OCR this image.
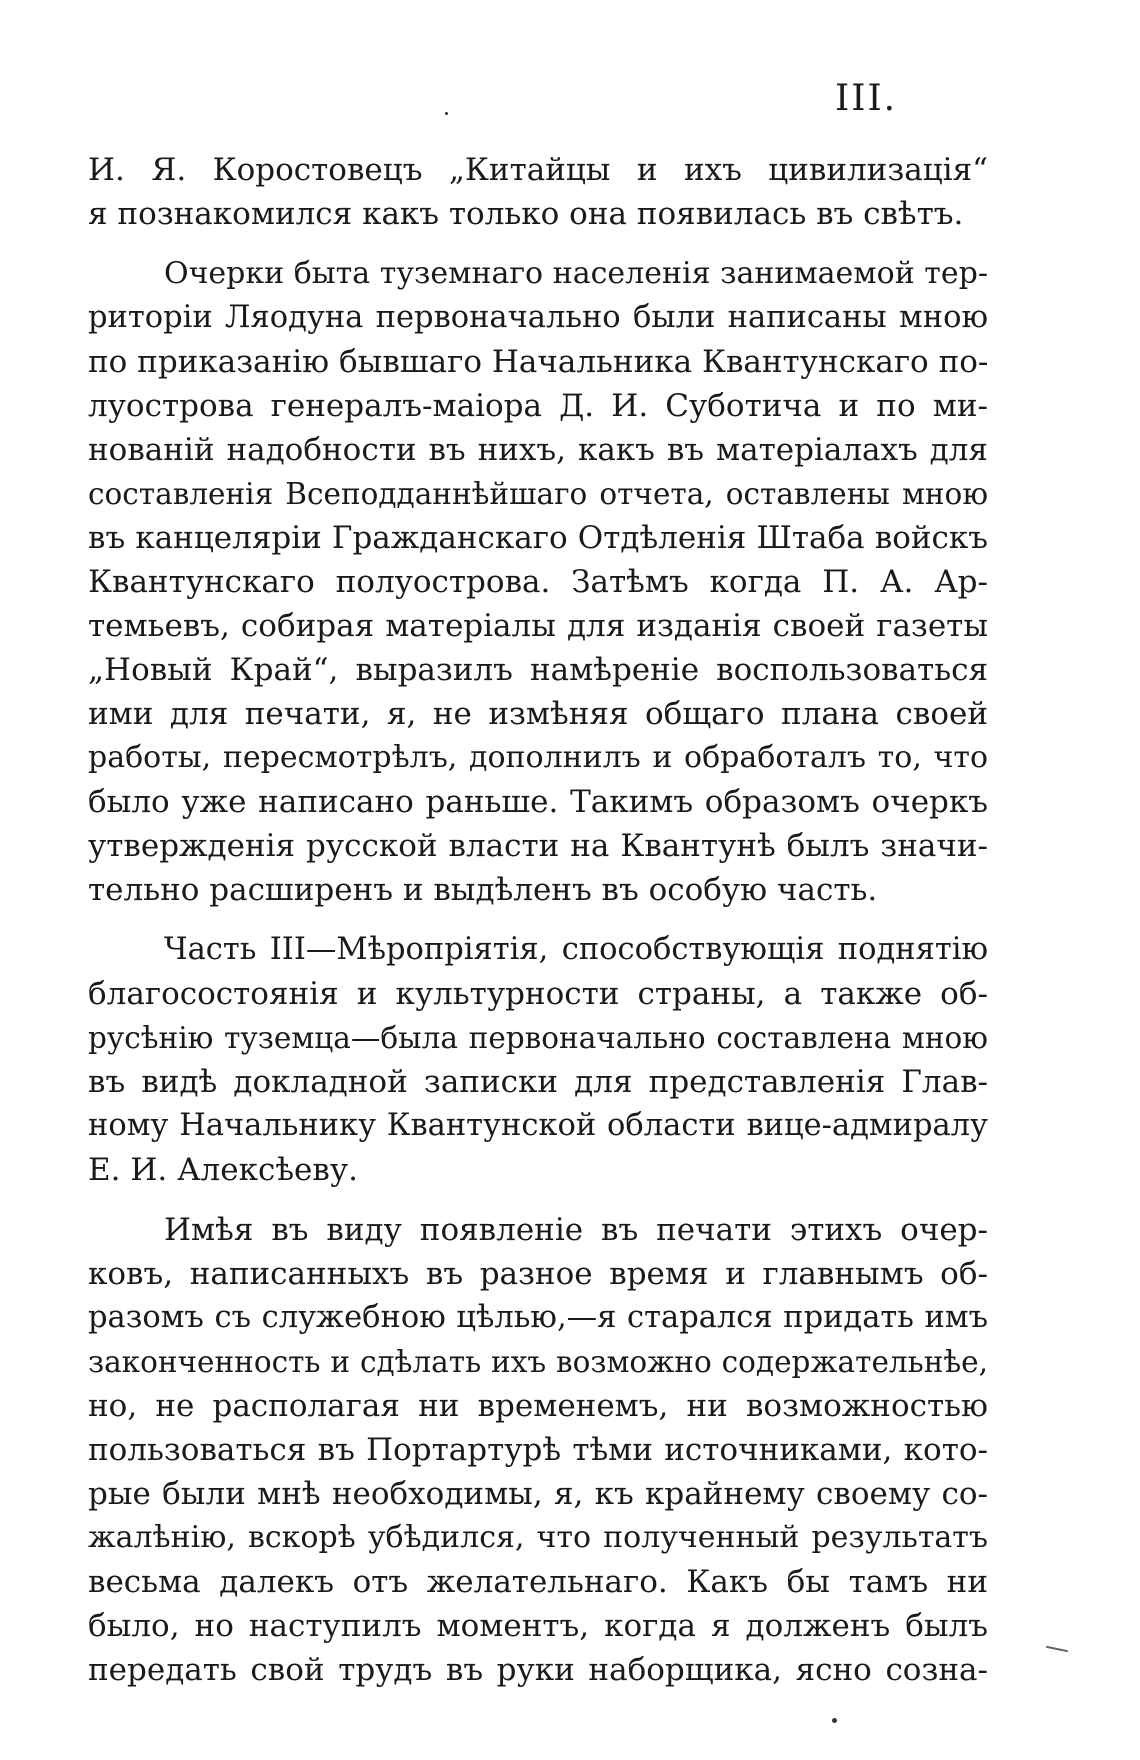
III.
И. Я. Коростовецъ „Китайцы и ихъ цивилизація“
я познакомился какъ только она появилась въ свѣтъ.
Очерки быта туземнаго населенія занимаемой тер-
риторіи Ляодуна первоначально были написаны мною
по приказанію бывшаго Начальника Квантунскаго по-
луострова генералъ-маіора Д. И. Суботича и по ми-
нованій надобности въ нихъ, какъ въ матеріалахъ для
составленія Всеподданнѣйшаго отчета, оставлены мною
въ канцеляріи Гражданскаго Отдѣленія Штаба войскъ
Квантунскаго полуострова. Затѣмъ когда П. А. Ар-
темьевъ, собирая матеріалы для изданія своей газеты
„Новый Край“, выразилъ намѣреніе воспользоваться
ими для печати, я, не измѣняя общаго плана своей
работы, пересмотрѣлъ, дополнилъ и обработалъ то, что
было уже написано раньше. Такимъ образомъ очеркъ
утвержденія русской власти на Квантунѣ былъ значи-
тельно расширенъ и выдѣленъ въ особую часть.
Часть III—Мѣропріятія, способствующія поднятію
благосостоянія и культурности страны, а также об-
русѣнію туземца—была первоначально составлена мною
въ видѣ докладной записки для представленія Глав-
ному Начальнику Квантунской области вице-адмиралу
Е. И. Алексѣеву.
Имѣя въ виду появленіе въ печати этихъ очер-
ковъ, написанныхъ въ разное время и главнымъ об-
разомъ съ служебною цѣлью,—я старался придать имъ
законченность и сдѣлать ихъ возможно содержательнѣе,
но, не располагая ни временемъ, ни возможностью
пользоваться въ Портартурѣ тѣми источниками, кото-
рые были мнѣ необходимы, я, къ крайнему своему со-
жалѣнію, вскорѣ убѣдился, что полученный результатъ
весьма далекъ отъ желательнаго. Какъ бы тамъ ни
было, но наступилъ моментъ, когда я долженъ былъ
передать свой трудъ въ руки наборщика, ясно созна-
